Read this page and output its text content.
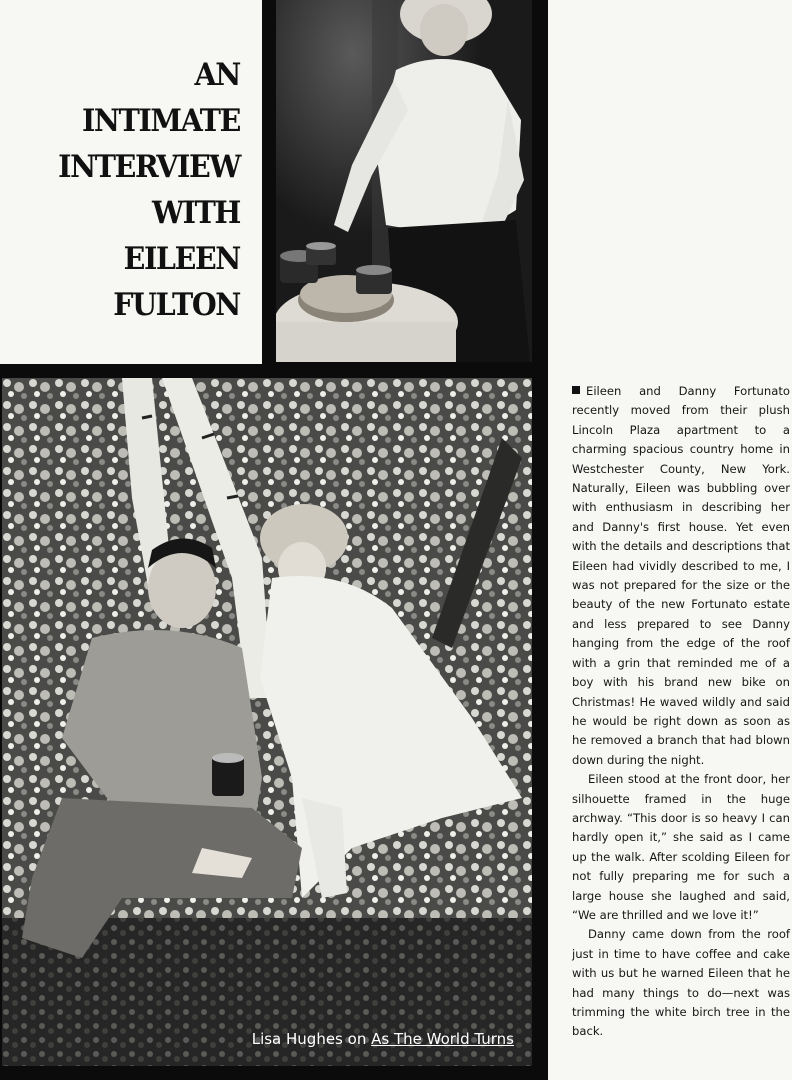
AN
INTIMATE
INTERVIEW
WITH
EILEEN
FULTON
Lisa Hughes on As The World Turns

Eileen and Danny Fortunato recently moved from their plush Lincoln Plaza apartment to a charming spacious country home in Westchester County, New York. Naturally, Eileen was bubbling over with enthusiasm in describing her and Danny's first house. Yet even with the details and descriptions that Eileen had vividly described to me, I was not prepared for the size or the beauty of the new Fortunato estate and less prepared to see Danny hanging from the edge of the roof with a grin that reminded me of a boy with his brand new bike on Christmas! He waved wildly and said he would be right down as soon as he removed a branch that had blown down during the night.

Eileen stood at the front door, her silhouette framed in the huge archway. “This door is so heavy I can hardly open it,” she said as I came up the walk. After scolding Eileen for not fully preparing me for such a large house she laughed and said, “We are thrilled and we love it!”

Danny came down from the roof just in time to have coffee and cake with us but he warned Eileen that he had many things to do—next was trimming the white birch tree in the back.
